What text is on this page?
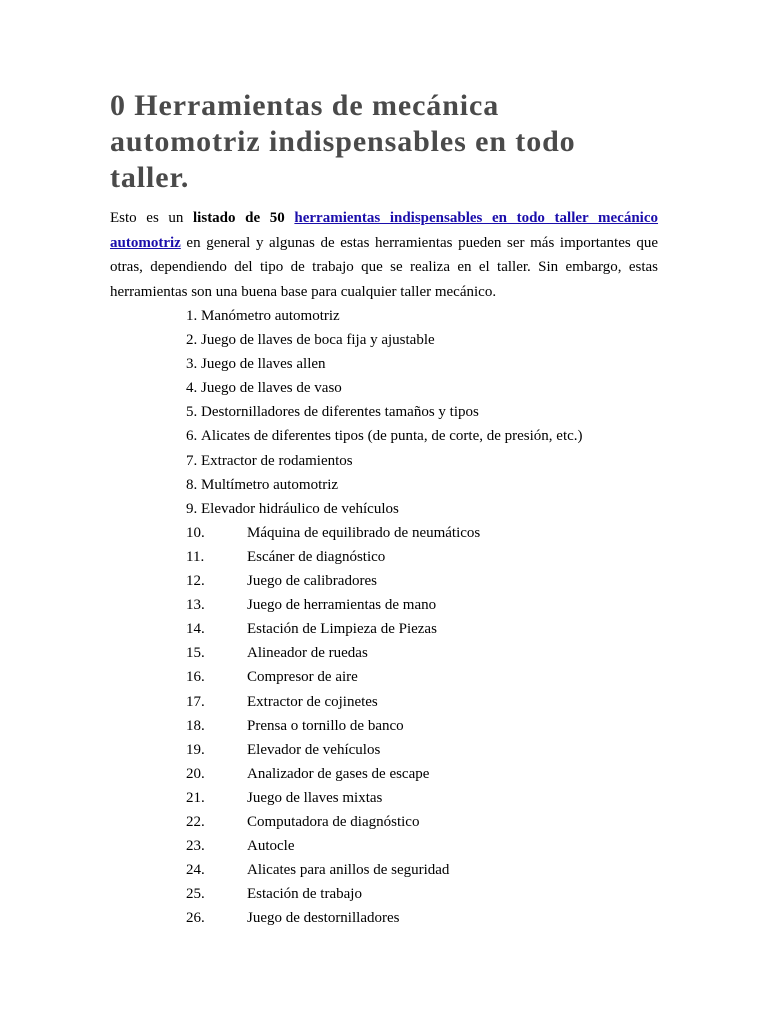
0 Herramientas de mecánica automotriz indispensables en todo taller.

Esto es un listado de 50 herramientas indispensables en todo taller mecánico automotriz en general y algunas de estas herramientas pueden ser más importantes que otras, dependiendo del tipo de trabajo que se realiza en el taller. Sin embargo, estas herramientas son una buena base para cualquier taller mecánico.

1. Manómetro automotriz
2. Juego de llaves de boca fija y ajustable
3. Juego de llaves allen
4. Juego de llaves de vaso
5. Destornilladores de diferentes tamaños y tipos
6. Alicates de diferentes tipos (de punta, de corte, de presión, etc.)
7. Extractor de rodamientos
8. Multímetro automotriz
9. Elevador hidráulico de vehículos
10.	Máquina de equilibrado de neumáticos
11.	Escáner de diagnóstico
12.	Juego de calibradores
13.	Juego de herramientas de mano
14.	Estación de Limpieza de Piezas
15.	Alineador de ruedas
16.	Compresor de aire
17.	Extractor de cojinetes
18.	Prensa o tornillo de banco
19.	Elevador de vehículos
20.	Analizador de gases de escape
21.	Juego de llaves mixtas
22.	Computadora de diagnóstico
23.	Autocle
24.	Alicates para anillos de seguridad
25.	Estación de trabajo
26.	Juego de destornilladores
